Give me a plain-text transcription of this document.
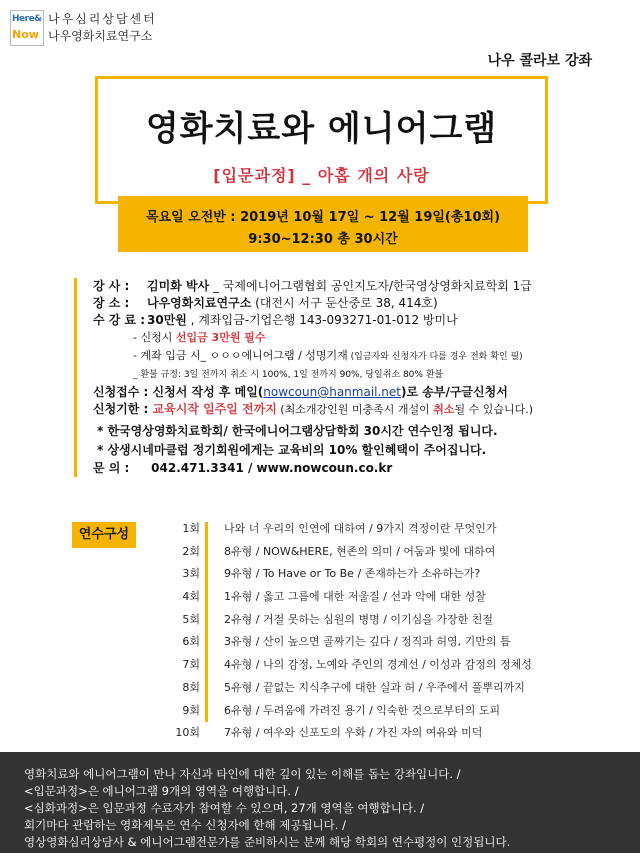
Here&
Now
나우심리상담센터
나우영화치료연구소
나우 콜라보 강좌
영화치료와 에니어그램
[입문과정] _ 아홉 개의 사랑
목요일 오전반 : 2019년 10월 17일 ~ 12월 19일(총10회)
9:30~12:30 총 30시간
강 사 : 김미화 박사 _ 국제에니어그램협회 공인지도자/한국영상영화치료학회 1급
장 소 : 나우영화치료연구소 (대전시 서구 둔산중로 38, 414호)
수 강 료 : 30만원 , 계좌입금-기업은행 143-093271-01-012 방미나
- 신청시 선입금 3만원 필수
- 계좌 입금 시_ ㅇㅇㅇ에니어그램 / 성명기재 (입금자와 신청자가 다를 경우 전화 확인 필)
_ 환불 규정: 3일 전까지 취소 시 100%, 1일 전까지 90%, 당일취소 80% 환불
신청접수 : 신청서 작성 후 메일(nowcoun@hanmail.net)로 송부/구글신청서
신청기한 : 교육시작 일주일 전까지 (최소개강인원 미충족시 개설이 취소될 수 있습니다.)
* 한국영상영화치료학회/ 한국에니어그램상담학회 30시간 연수인정 됩니다.
* 상생시네마클럽 정기회원에게는 교육비의 10% 할인혜택이 주어집니다.
문 의 : 042.471.3341 / www.nowcoun.co.kr
연수구성	1회 나와 너 우리의 인연에 대하여 / 9가지 격정이란 무엇인가
2회 8유형 / NOW&HERE, 현존의 의미 / 어둠과 빛에 대하여
3회 9유형 / To Have or To Be / 존재하는가 소유하는가?
4회 1유형 / 옳고 그름에 대한 저울질 / 선과 악에 대한 성찰
5회 2유형 / 거절 못하는 심원의 병명 / 이기심을 가장한 친절
6회 3유형 / 산이 높으면 골짜기는 깊다 / 정직과 허영, 기만의 틈
7회 4유형 / 나의 감정, 노예와 주인의 경계선 / 이성과 감정의 정체성
8회 5유형 / 끝없는 지식추구에 대한 실과 허 / 우주에서 풀뿌리까지
9회 6유형 / 두려움에 가려진 용기 / 익숙한 것으로부터의 도피
10회 7유형 / 여우와 신포도의 우화 / 가진 자의 여유와 미덕
영화치료와 에니어그램이 만나 자신과 타인에 대한 깊이 있는 이해를 돕는 강좌입니다. /
<입문과정>은 에니어그램 9개의 영역을 여행합니다. /
<심화과정>은 입문과정 수료자가 참여할 수 있으며, 27개 영역을 여행합니다. /
회기마다 관람하는 영화제목은 연수 신청자에 한해 제공됩니다. /
영상영화심리상담사 & 에니어그램전문가를 준비하시는 분께 해당 학회의 연수평정이 인정됩니다.
